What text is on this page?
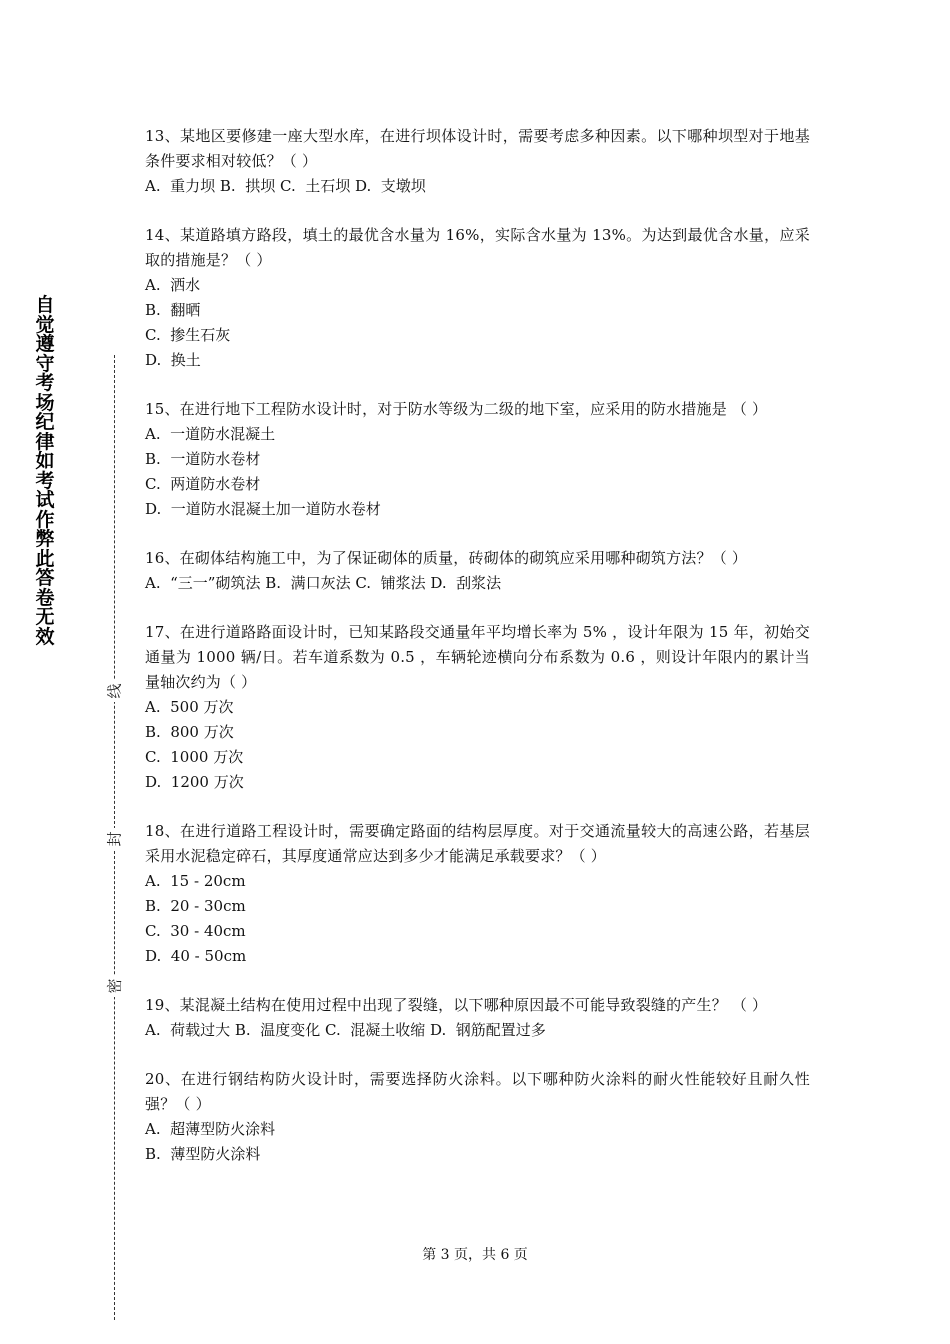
自觉遵守考场纪律如考试作弊此答卷无效
线
封
密

13、某地区要修建一座大型水库，在进行坝体设计时，需要考虑多种因素。以下哪种坝型对于地基条件要求相对较低？（ ）

A.  重力坝 B.  拱坝 C.  土石坝 D.  支墩坝

14、某道路填方路段，填土的最优含水量为 16%，实际含水量为 13%。为达到最优含水量，应采取的措施是？（ ）

A.  洒水

B.  翻晒

C.  掺生石灰

D.  换土

15、在进行地下工程防水设计时，对于防水等级为二级的地下室，应采用的防水措施是 （ ）

A.  一道防水混凝土

B.  一道防水卷材

C.  两道防水卷材

D.  一道防水混凝土加一道防水卷材

16、在砌体结构施工中，为了保证砌体的质量，砖砌体的砌筑应采用哪种砌筑方法？（ ）

A.  “三一”砌筑法 B.  满口灰法 C.  铺浆法 D.  刮浆法

17、在进行道路路面设计时，已知某路段交通量年平均增长率为 5% ，设计年限为 15 年，初始交通量为 1000 辆/日。若车道系数为 0.5 ，车辆轮迹横向分布系数为 0.6 ，则设计年限内的累计当量轴次约为（ ）

A.  500 万次

B.  800 万次

C.  1000 万次

D.  1200 万次

18、在进行道路工程设计时，需要确定路面的结构层厚度。对于交通流量较大的高速公路，若基层采用水泥稳定碎石，其厚度通常应达到多少才能满足承载要求？（ ）

A.  15 - 20cm

B.  20 - 30cm

C.  30 - 40cm

D.  40 - 50cm

19、某混凝土结构在使用过程中出现了裂缝，以下哪种原因最不可能导致裂缝的产生？ （ ）

A.  荷载过大 B.  温度变化 C.  混凝土收缩 D.  钢筋配置过多

20、在进行钢结构防火设计时，需要选择防火涂料。以下哪种防火涂料的耐火性能较好且耐久性强？（ ）

A.  超薄型防火涂料

B.  薄型防火涂料

第 3 页，共 6 页
